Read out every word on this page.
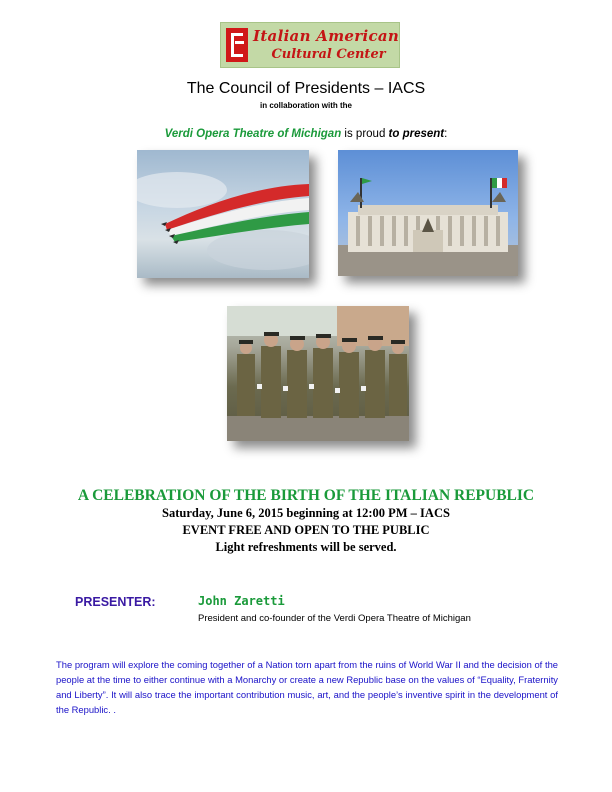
Italian American
Cultural Center
The Council of Presidents – IACS
in collaboration with the
Verdi Opera Theatre of Michigan is proud to present:
A CELEBRATION OF THE BIRTH OF THE ITALIAN REPUBLIC
Saturday, June 6, 2015 beginning at 12:00 PM – IACS
EVENT FREE AND OPEN TO THE PUBLIC
Light refreshments will be served.
PRESENTER:	John Zaretti
President and co-founder of the Verdi Opera Theatre of Michigan
The program will explore the coming together of a Nation torn apart from the ruins of World War II and the decision of the people at the time to either continue with a Monarchy or create a new Republic base on the values of “Equality, Fraternity and Liberty”. It will also trace the important contribution music, art, and the people’s inventive spirit in the development of the Republic. .
